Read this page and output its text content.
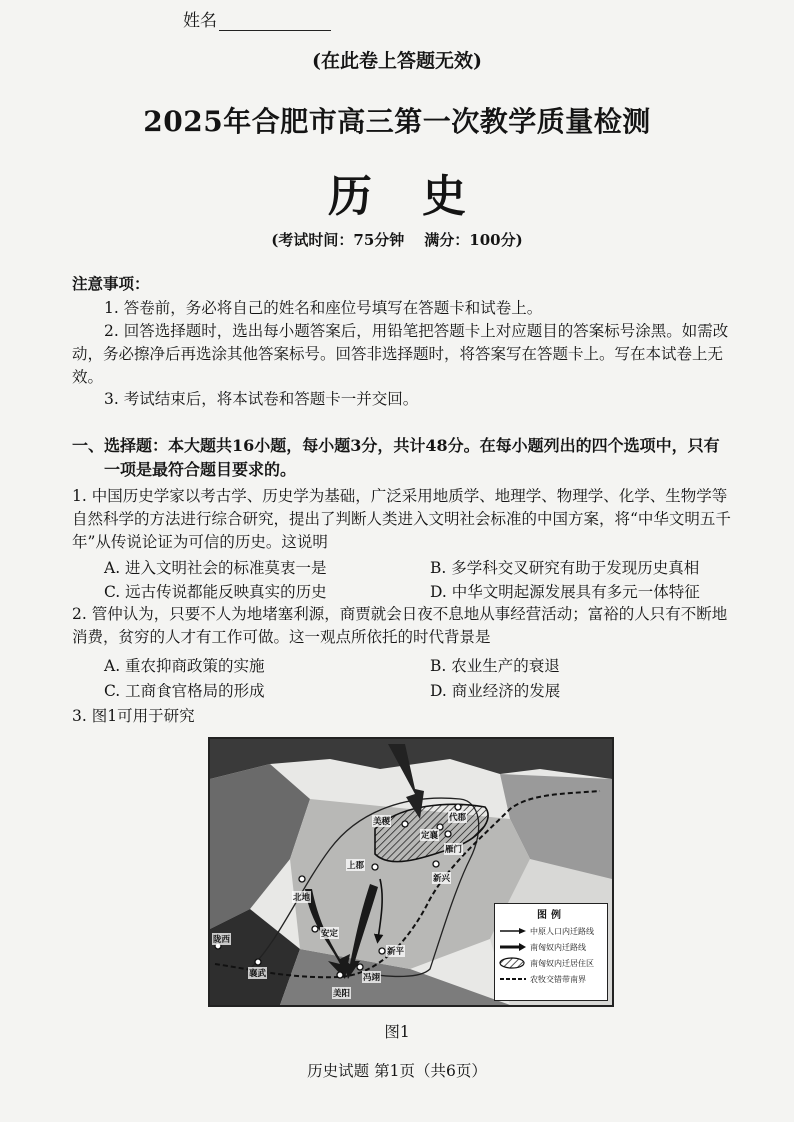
姓名
(在此卷上答题无效)
2025年合肥市高三第一次教学质量检测
历史
(考试时间：75分钟 满分：100分)
注意事项：
1. 答卷前，务必将自己的姓名和座位号填写在答题卡和试卷上。
2. 回答选择题时，选出每小题答案后，用铅笔把答题卡上对应题目的答案标号涂黑。如需改动，务必擦净后再选涂其他答案标号。回答非选择题时，将答案写在答题卡上。写在本试卷上无效。
3. 考试结束后，将本试卷和答题卡一并交回。
一、选择题：本大题共16小题，每小题3分，共计48分。在每小题列出的四个选项中，只有
一项是最符合题目要求的。
1. 中国历史学家以考古学、历史学为基础，广泛采用地质学、地理学、物理学、化学、生物学等自然科学的方法进行综合研究，提出了判断人类进入文明社会标准的中国方案，将“中华文明五千年”从传说论证为可信的历史。这说明
A. 进入文明社会的标准莫衷一是	B. 多学科交叉研究有助于发现历史真相
C. 远古传说都能反映真实的历史	D. 中华文明起源发展具有多元一体特征
2. 管仲认为，只要不人为地堵塞利源，商贾就会日夜不息地从事经营活动；富裕的人只有不断地消费，贫穷的人才有工作可做。这一观点所依托的时代背景是
A. 重农抑商政策的实施	B. 农业生产的衰退
C. 工商食官格局的形成	D. 商业经济的发展
3. 图1可用于研究
美稷
定襄
代郡
雁门
上郡
北地
新兴
安定
陇西
襄武
新平
冯翊
美阳
图例
中原人口内迁路线
南匈奴内迁路线
南匈奴内迁居住区
农牧交错带南界
图1
历史试题 第1页（共6页）
